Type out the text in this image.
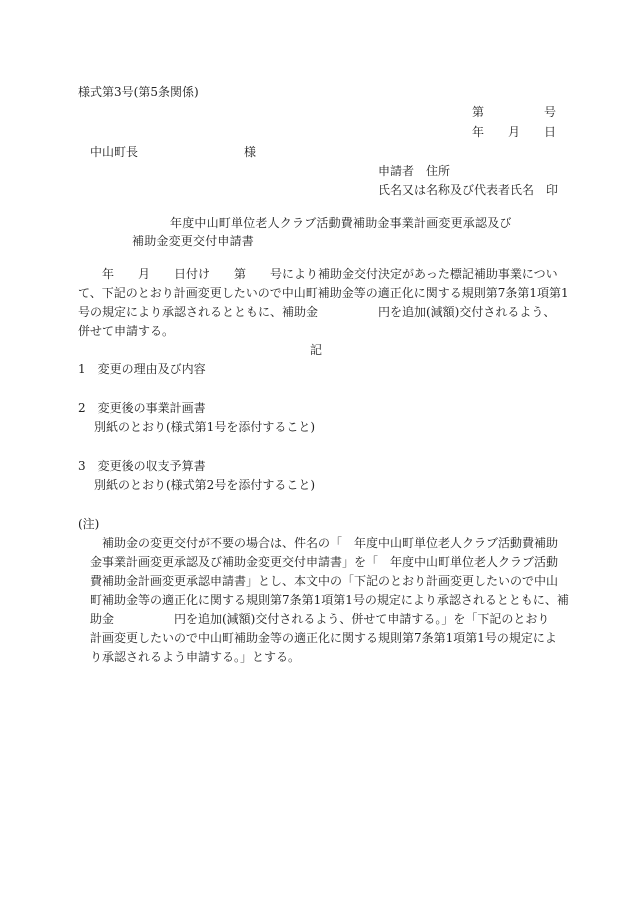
様式第3号(第5条関係)

第　　　　　号

年　　月　　日

中山町長	様

申請者　住所

氏名又は名称及び代表者氏名　印

年度中山町単位老人クラブ活動費補助金事業計画変更承認及び

補助金変更交付申請書

年　　月　　日付け　　第　　号により補助金交付決定があった標記補助事業につい

て、下記のとおり計画変更したいので中山町補助金等の適正化に関する規則第7条第1項第1

号の規定により承認されるとともに、補助金　　　　　円を追加(減額)交付されるよう、

併せて申請する。

記

1　変更の理由及び内容

2　変更後の事業計画書

別紙のとおり(様式第1号を添付すること)

3　変更後の収支予算書

別紙のとおり(様式第2号を添付すること)

(注)

補助金の変更交付が不要の場合は、件名の「　年度中山町単位老人クラブ活動費補助

金事業計画変更承認及び補助金変更交付申請書」を「　年度中山町単位老人クラブ活動

費補助金計画変更承認申請書」とし、本文中の「下記のとおり計画変更したいので中山

町補助金等の適正化に関する規則第7条第1項第1号の規定により承認されるとともに、補

助金　　　　　円を追加(減額)交付されるよう、併せて申請する。」を「下記のとおり

計画変更したいので中山町補助金等の適正化に関する規則第7条第1項第1号の規定によ

り承認されるよう申請する。」とする。
